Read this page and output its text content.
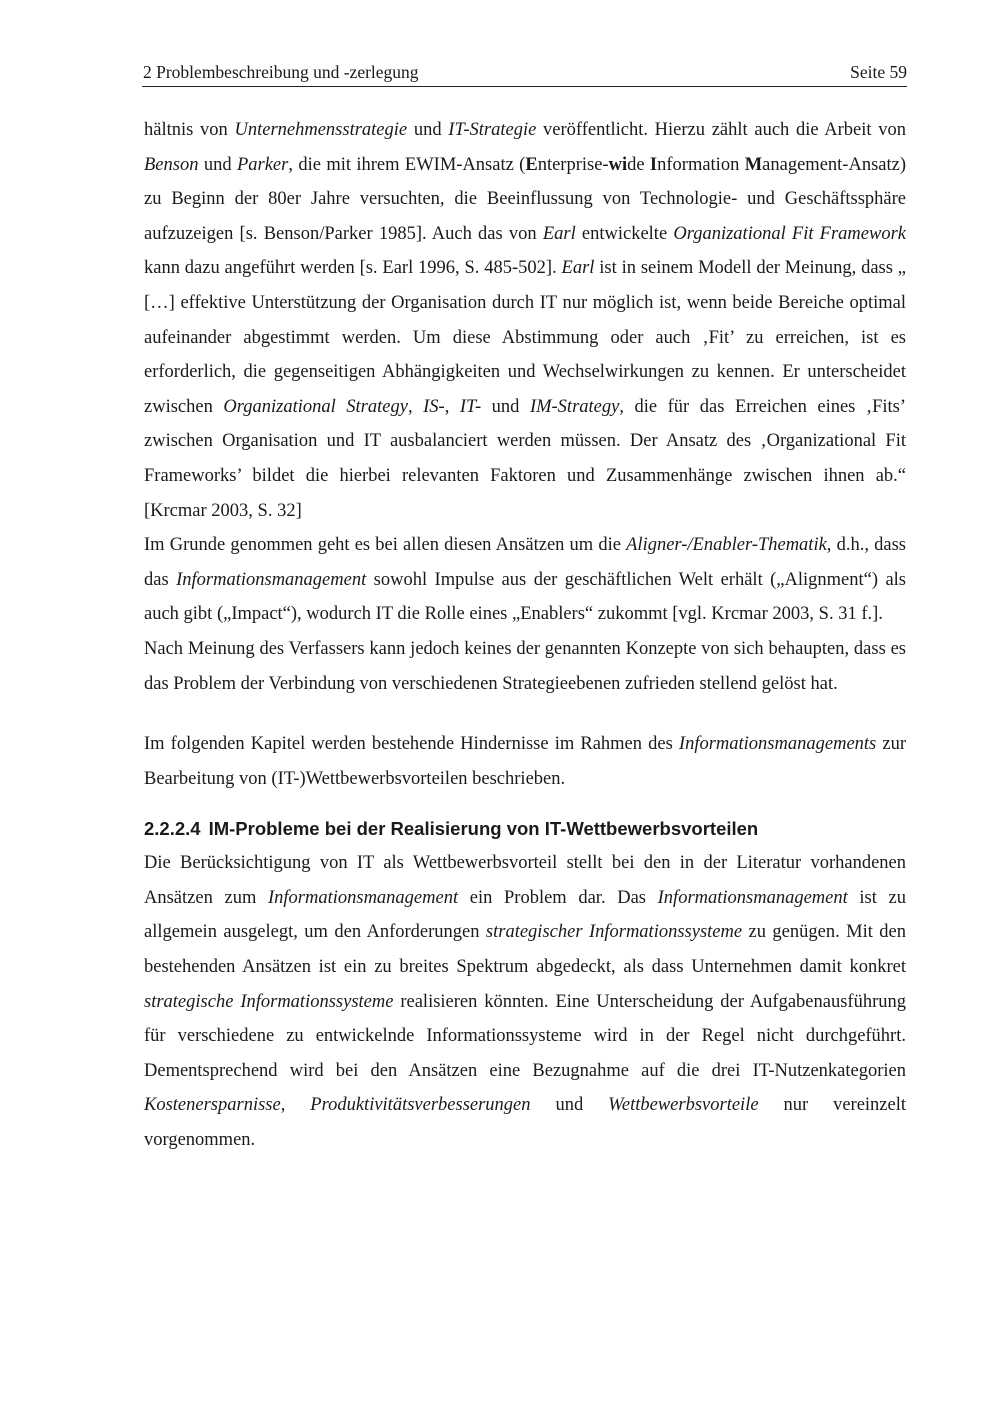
2 Problembeschreibung und -zerlegung	Seite 59

hältnis von Unternehmensstrategie und IT-Strategie veröffentlicht. Hierzu zählt auch die Arbeit von Benson und Parker, die mit ihrem EWIM-Ansatz (Enterprise-wide Information Management-Ansatz) zu Beginn der 80er Jahre versuchten, die Beeinflussung von Technologie- und Geschäftssphäre aufzuzeigen [s. Benson/Parker 1985]. Auch das von Earl entwickelte Organizational Fit Framework kann dazu angeführt werden [s. Earl 1996, S. 485-502]. Earl ist in seinem Modell der Meinung, dass „ […] effektive Unterstützung der Organisation durch IT nur möglich ist, wenn beide Bereiche optimal aufeinander abgestimmt werden. Um diese Abstimmung oder auch ‚Fit’ zu erreichen, ist es erforderlich, die gegenseitigen Abhängigkeiten und Wechselwirkungen zu kennen. Er unterscheidet zwischen Organizational Strategy, IS-, IT- und IM-Strategy, die für das Erreichen eines ‚Fits’ zwischen Organisation und IT ausbalanciert werden müssen. Der Ansatz des ‚Organizational Fit Frameworks’ bildet die hierbei relevanten Faktoren und Zusammenhänge zwischen ihnen ab.“ [Krcmar 2003, S. 32]

Im Grunde genommen geht es bei allen diesen Ansätzen um die Aligner-/Enabler-Thematik, d.h., dass das Informationsmanagement sowohl Impulse aus der geschäftlichen Welt erhält („Alignment“) als auch gibt („Impact“), wodurch IT die Rolle eines „Enablers“ zukommt [vgl. Krcmar 2003, S. 31 f.].

Nach Meinung des Verfassers kann jedoch keines der genannten Konzepte von sich behaupten, dass es das Problem der Verbindung von verschiedenen Strategieebenen zufrieden stellend gelöst hat.

Im folgenden Kapitel werden bestehende Hindernisse im Rahmen des Informationsmanagements zur Bearbeitung von (IT-)Wettbewerbsvorteilen beschrieben.

2.2.2.4 IM-Probleme bei der Realisierung von IT-Wettbewerbsvorteilen

Die Berücksichtigung von IT als Wettbewerbsvorteil stellt bei den in der Literatur vorhandenen Ansätzen zum Informationsmanagement ein Problem dar. Das Informationsmanagement ist zu allgemein ausgelegt, um den Anforderungen strategischer Informationssysteme zu genügen. Mit den bestehenden Ansätzen ist ein zu breites Spektrum abgedeckt, als dass Unternehmen damit konkret strategische Informationssysteme realisieren könnten. Eine Unterscheidung der Aufgabenausführung für verschiedene zu entwickelnde Informationssysteme wird in der Regel nicht durchgeführt. Dementsprechend wird bei den Ansätzen eine Bezugnahme auf die drei IT-Nutzenkategorien Kostenersparnisse, Produktivitätsverbesserungen und Wettbewerbsvorteile nur vereinzelt vorgenommen.
